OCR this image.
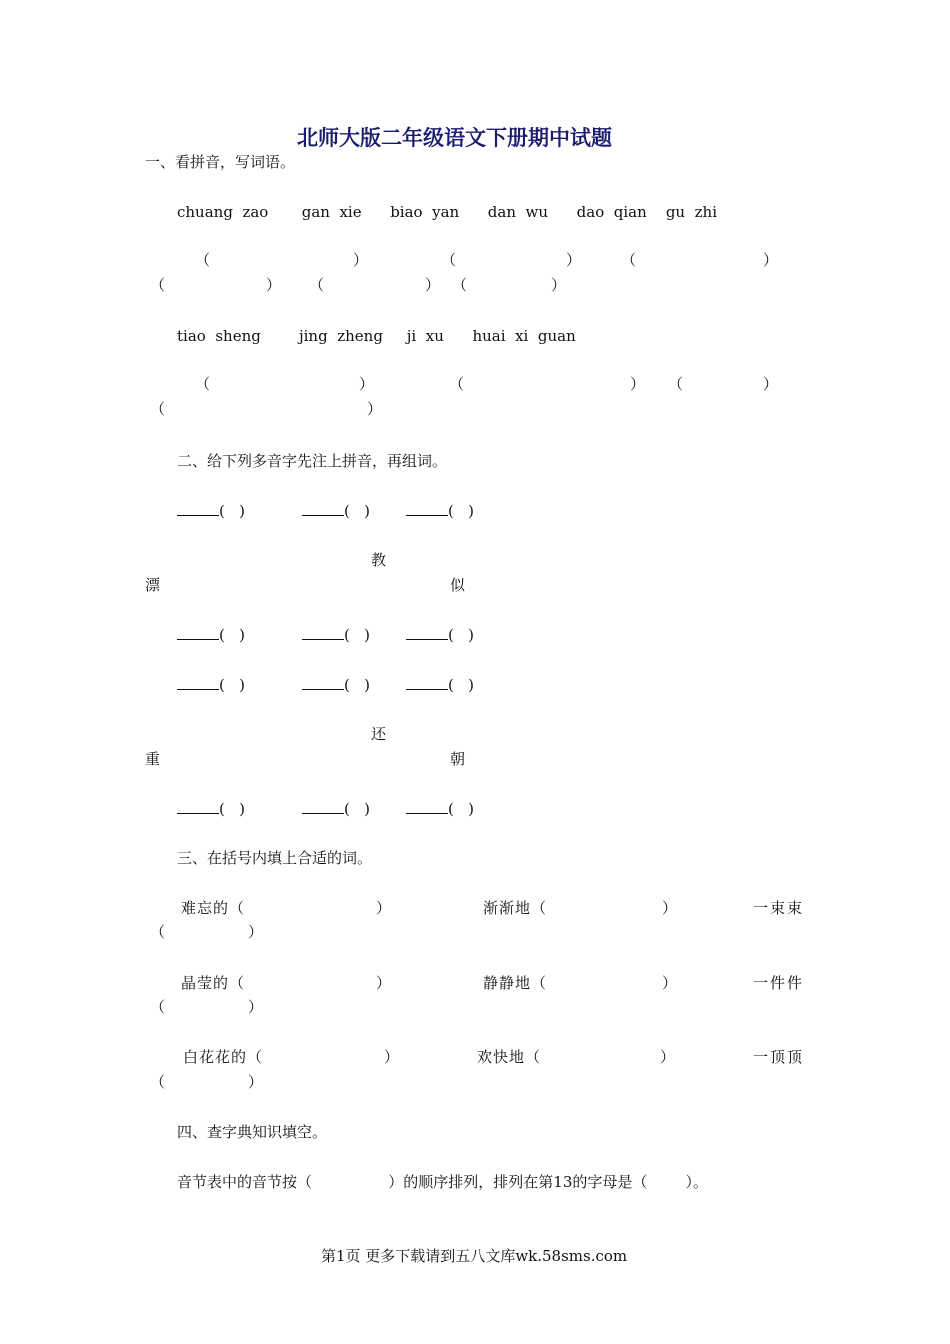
北师大版二年级语文下册期中试题
一、看拼音，写词语。
chuang  zao       gan  xie      biao  yan      dan  wu      dao  qian    gu  zhi
（	）	（	）	（	）
（	） （	） （	）
tiao  sheng        jing  zheng     ji  xu      huai  xi  guan
（	）	（	） （	）
（	）
二、给下列多音字先注上拼音，再组词。
(   )	(   )	(   )
教
漂	似
(   )	(   )	(   )
(   )	(   )	(   )
还
重	朝
(   )	(   )	(   )
三、在括号内填上合适的词。
难忘的（	）	渐渐地（	）	一束束
（	）
晶莹的（	）	静静地（	）	一件件
（	）
白花花的（	）	欢快地（	）	一顶顶
（	）
四、查字典知识填空。
音节表中的音节按（                ）的顺序排列，排列在第13的字母是（        ）。
第1页 更多下载请到五八文库wk.58sms.com
